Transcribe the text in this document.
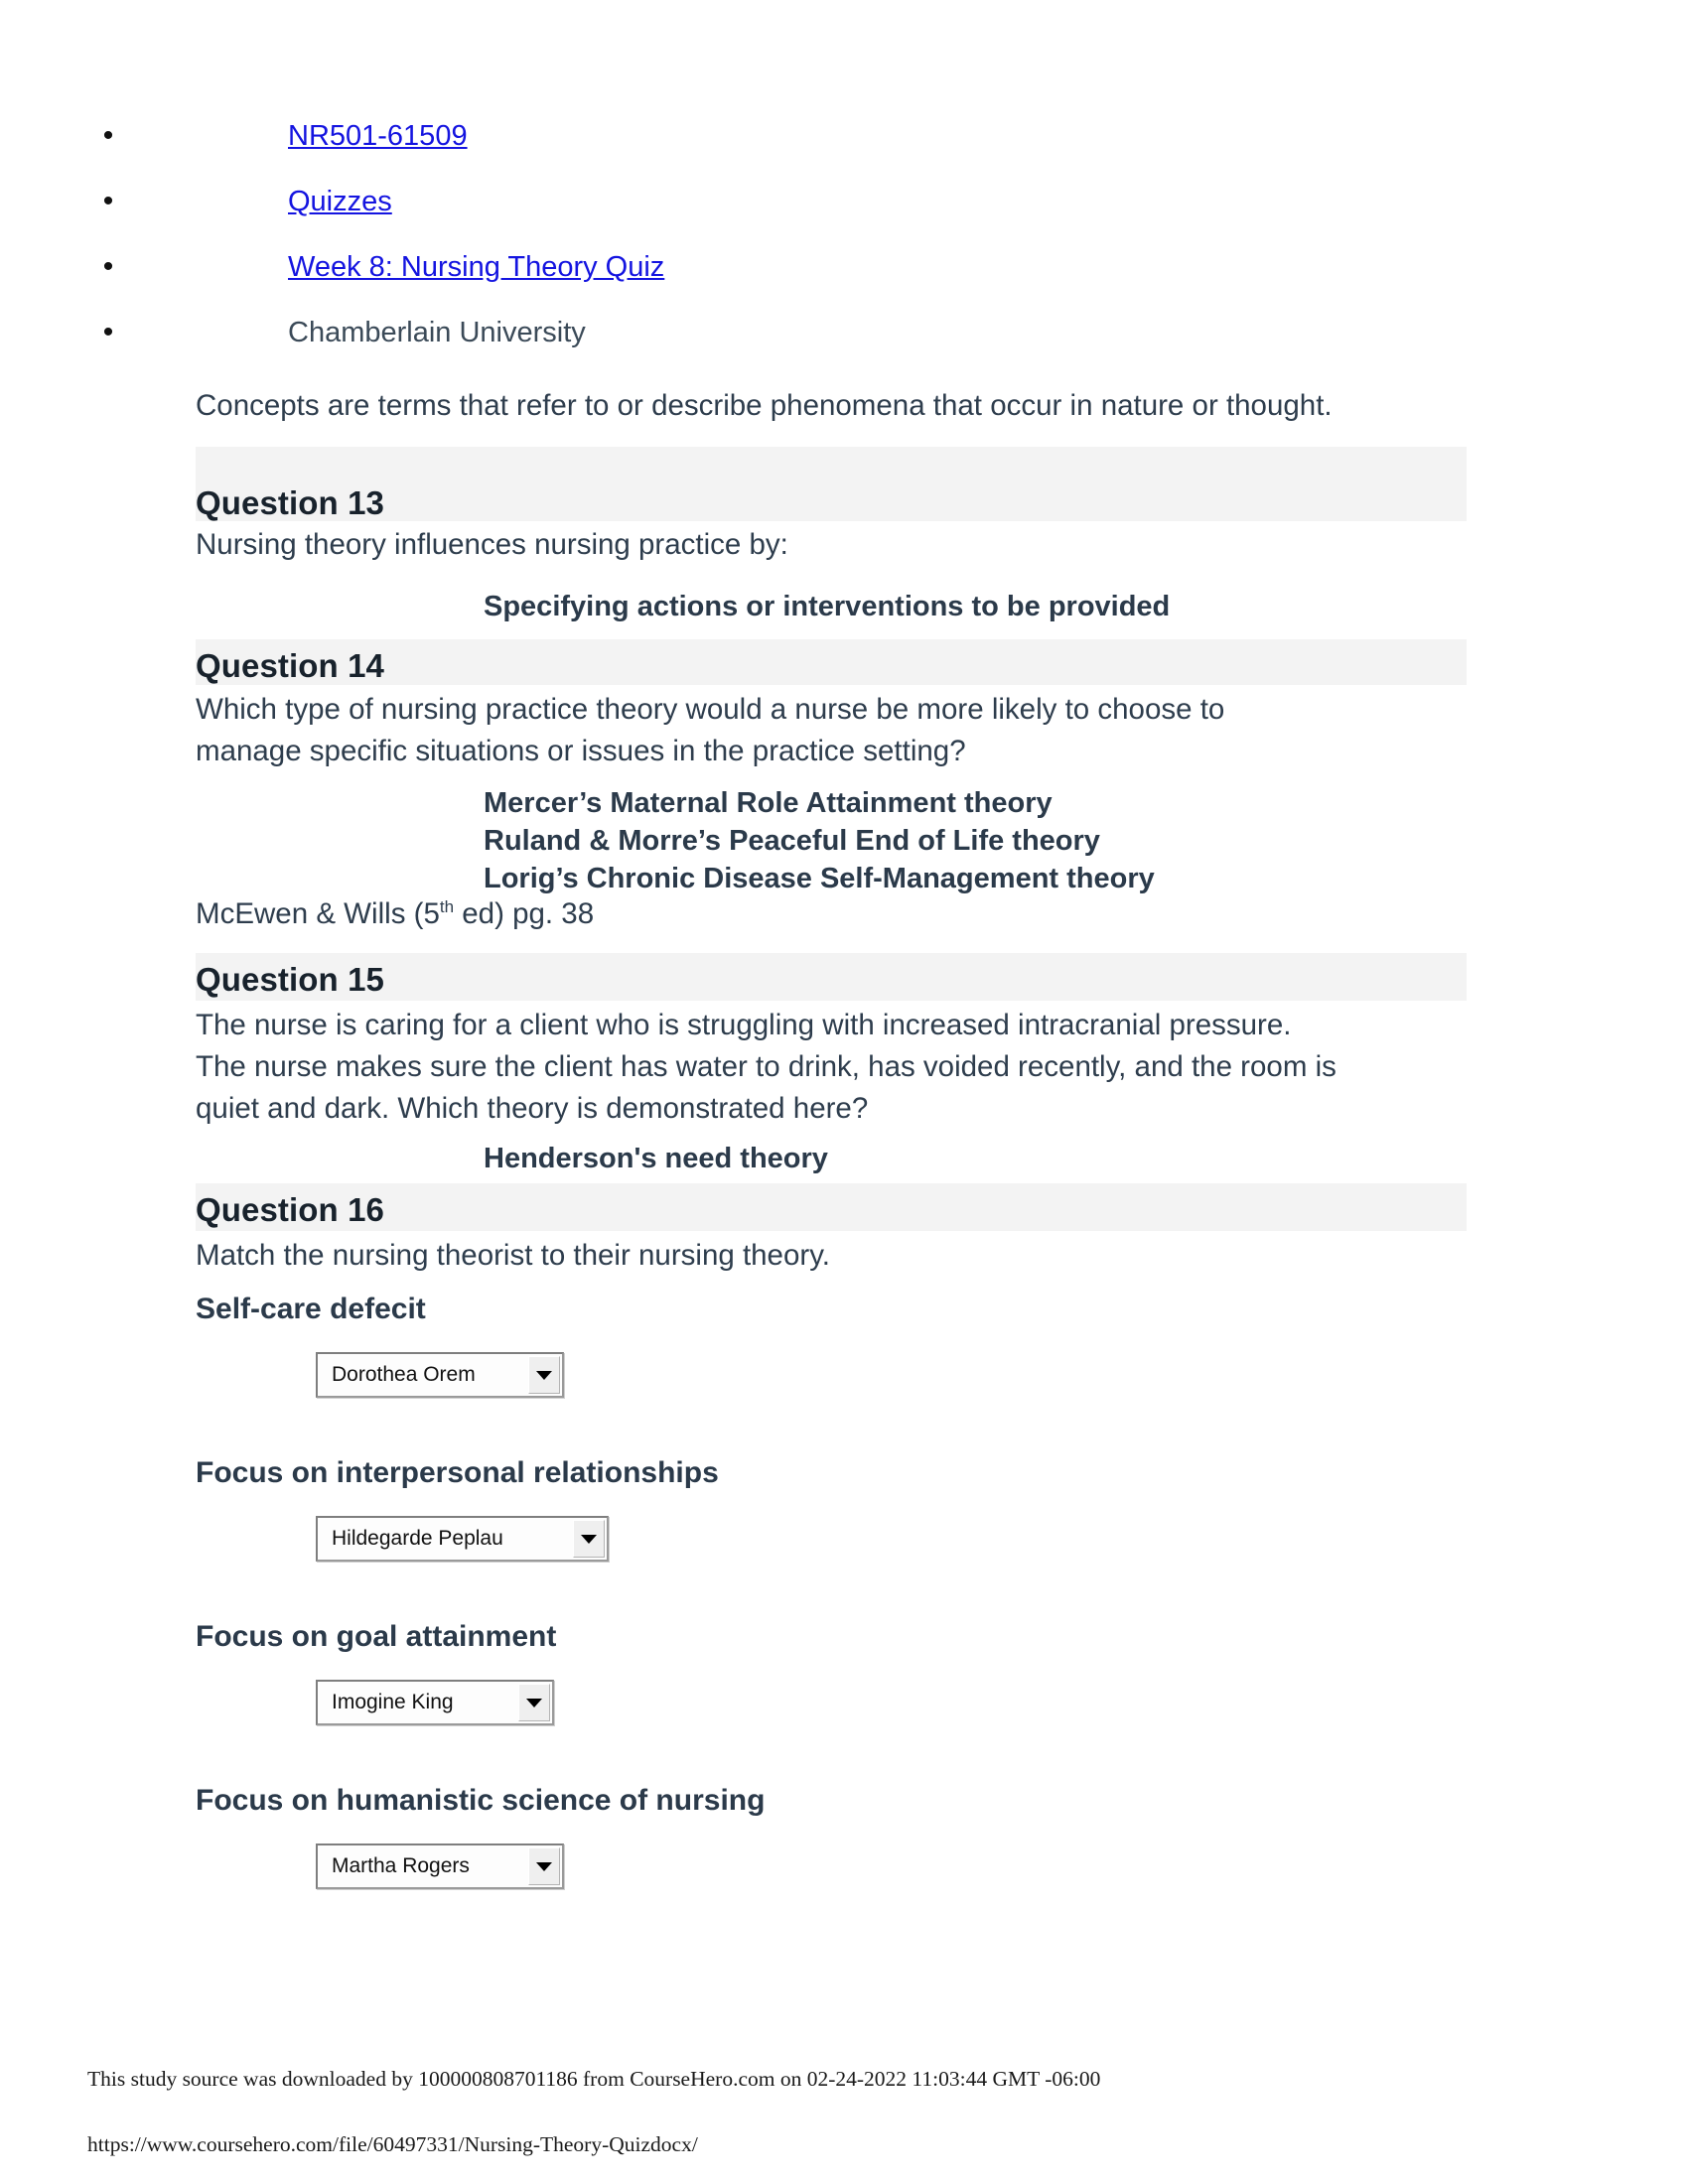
•	NR501-61509
•	Quizzes
•	Week 8: Nursing Theory Quiz
•	Chamberlain University
Concepts are terms that refer to or describe phenomena that occur in nature or thought.
Question 13
Nursing theory influences nursing practice by:
Specifying actions or interventions to be provided
Question 14
Which type of nursing practice theory would a nurse be more likely to choose to
manage specific situations or issues in the practice setting?
Mercer’s Maternal Role Attainment theory
Ruland & Morre’s Peaceful End of Life theory
Lorig’s Chronic Disease Self-Management theory
McEwen & Wills (5th ed) pg. 38
Question 15
The nurse is caring for a client who is struggling with increased intracranial pressure.
The nurse makes sure the client has water to drink, has voided recently, and the room is
quiet and dark. Which theory is demonstrated here?
Henderson's need theory
Question 16
Match the nursing theorist to their nursing theory.
Self-care defecit
Dorothea Orem
Focus on interpersonal relationships
Hildegarde Peplau
Focus on goal attainment
Imogine King
Focus on humanistic science of nursing
Martha Rogers
This study source was downloaded by 100000808701186 from CourseHero.com on 02-24-2022 11:03:44 GMT -06:00
https://www.coursehero.com/file/60497331/Nursing-Theory-Quizdocx/
